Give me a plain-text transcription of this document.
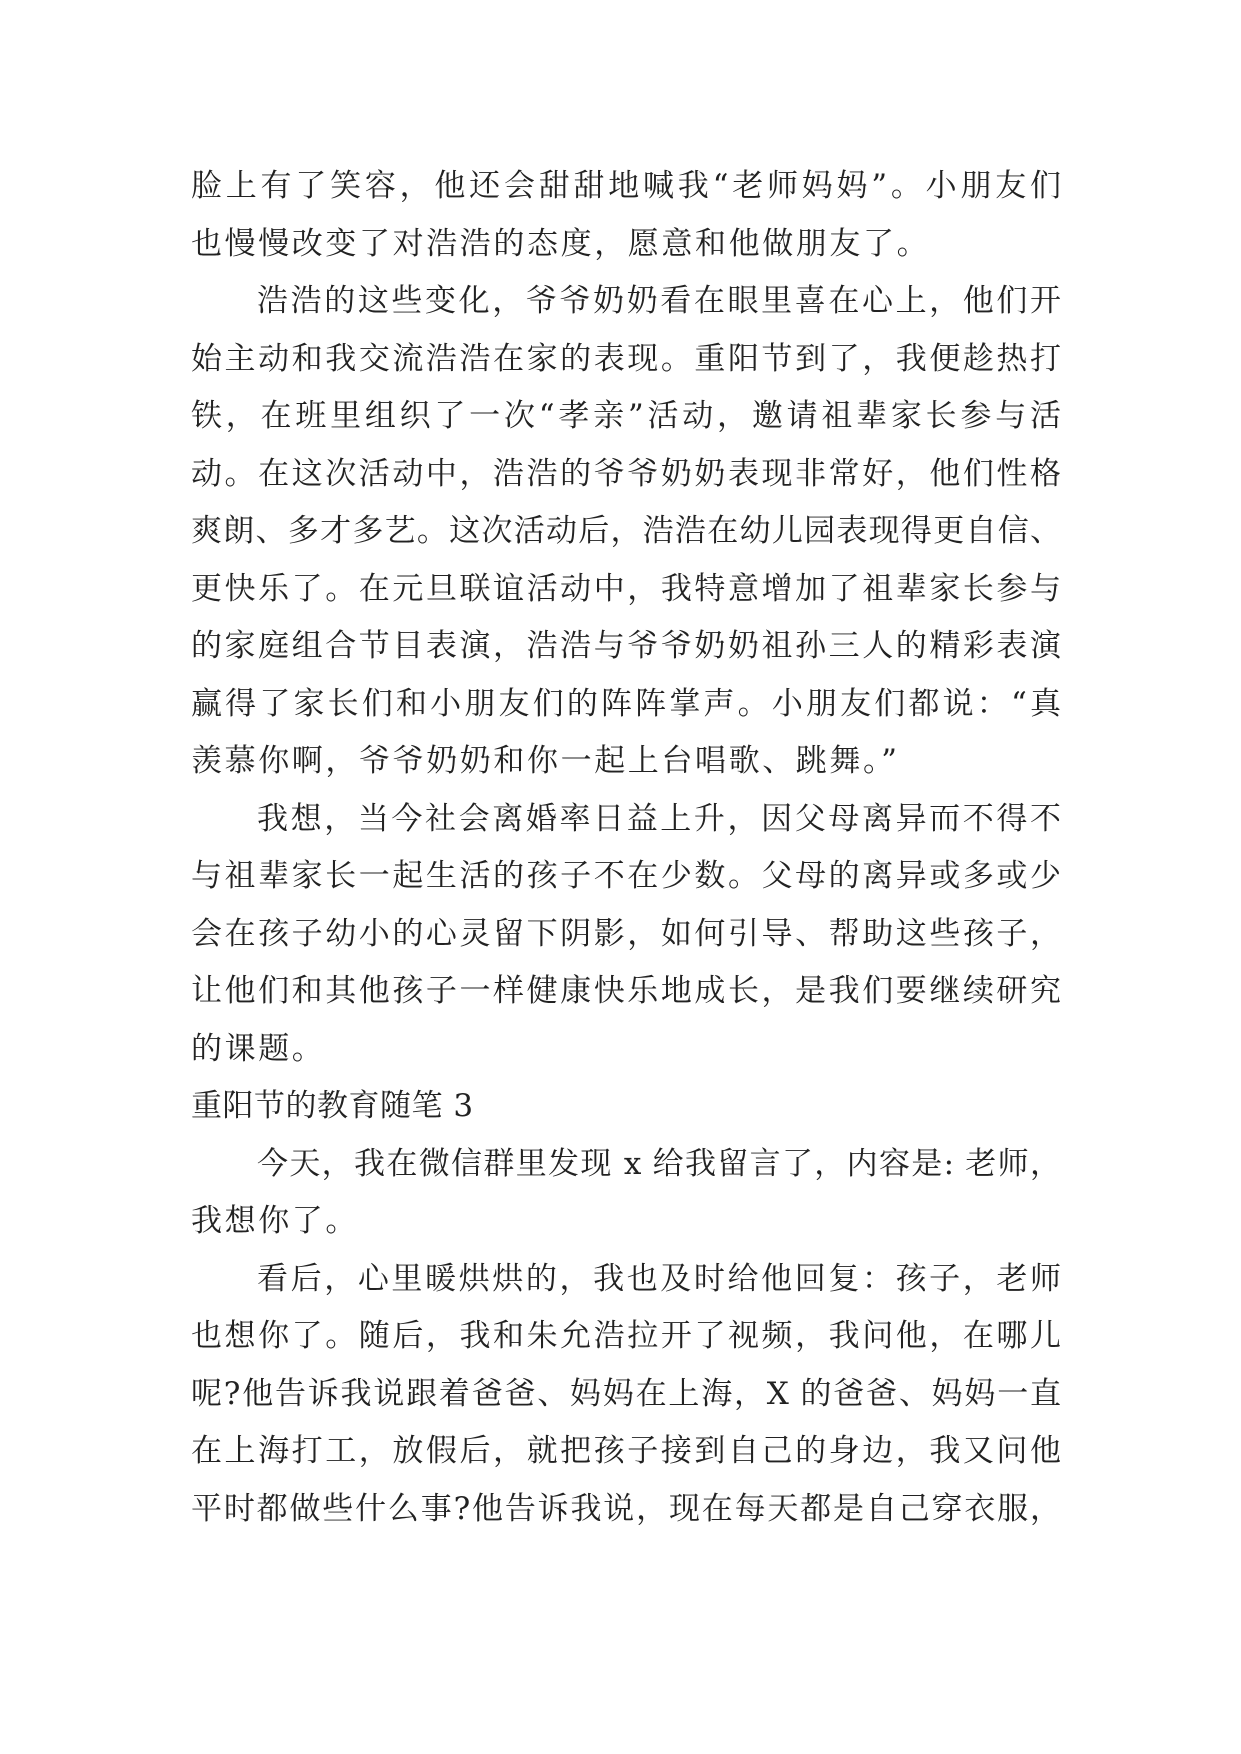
脸上有了笑容，他还会甜甜地喊我“老师妈妈”。小朋友们
也慢慢改变了对浩浩的态度，愿意和他做朋友了。
浩浩的这些变化，爷爷奶奶看在眼里喜在心上，他们开
始主动和我交流浩浩在家的表现。重阳节到了，我便趁热打
铁，在班里组织了一次“孝亲”活动，邀请祖辈家长参与活
动。在这次活动中，浩浩的爷爷奶奶表现非常好，他们性格
爽朗、多才多艺。这次活动后，浩浩在幼儿园表现得更自信、
更快乐了。在元旦联谊活动中，我特意增加了祖辈家长参与
的家庭组合节目表演，浩浩与爷爷奶奶祖孙三人的精彩表演
赢得了家长们和小朋友们的阵阵掌声。小朋友们都说：“真
羡慕你啊，爷爷奶奶和你一起上台唱歌、跳舞。”
我想，当今社会离婚率日益上升，因父母离异而不得不
与祖辈家长一起生活的孩子不在少数。父母的离异或多或少
会在孩子幼小的心灵留下阴影，如何引导、帮助这些孩子，
让他们和其他孩子一样健康快乐地成长，是我们要继续研究
的课题。
重阳节的教育随笔 3
今天，我在微信群里发现 x 给我留言了，内容是: 老师，
我想你了。
看后，心里暖烘烘的，我也及时给他回复：孩子，老师
也想你了。随后，我和朱允浩拉开了视频，我问他，在哪儿
呢?他告诉我说跟着爸爸、妈妈在上海，X 的爸爸、妈妈一直
在上海打工，放假后，就把孩子接到自己的身边，我又问他
平时都做些什么事?他告诉我说，现在每天都是自己穿衣服，
